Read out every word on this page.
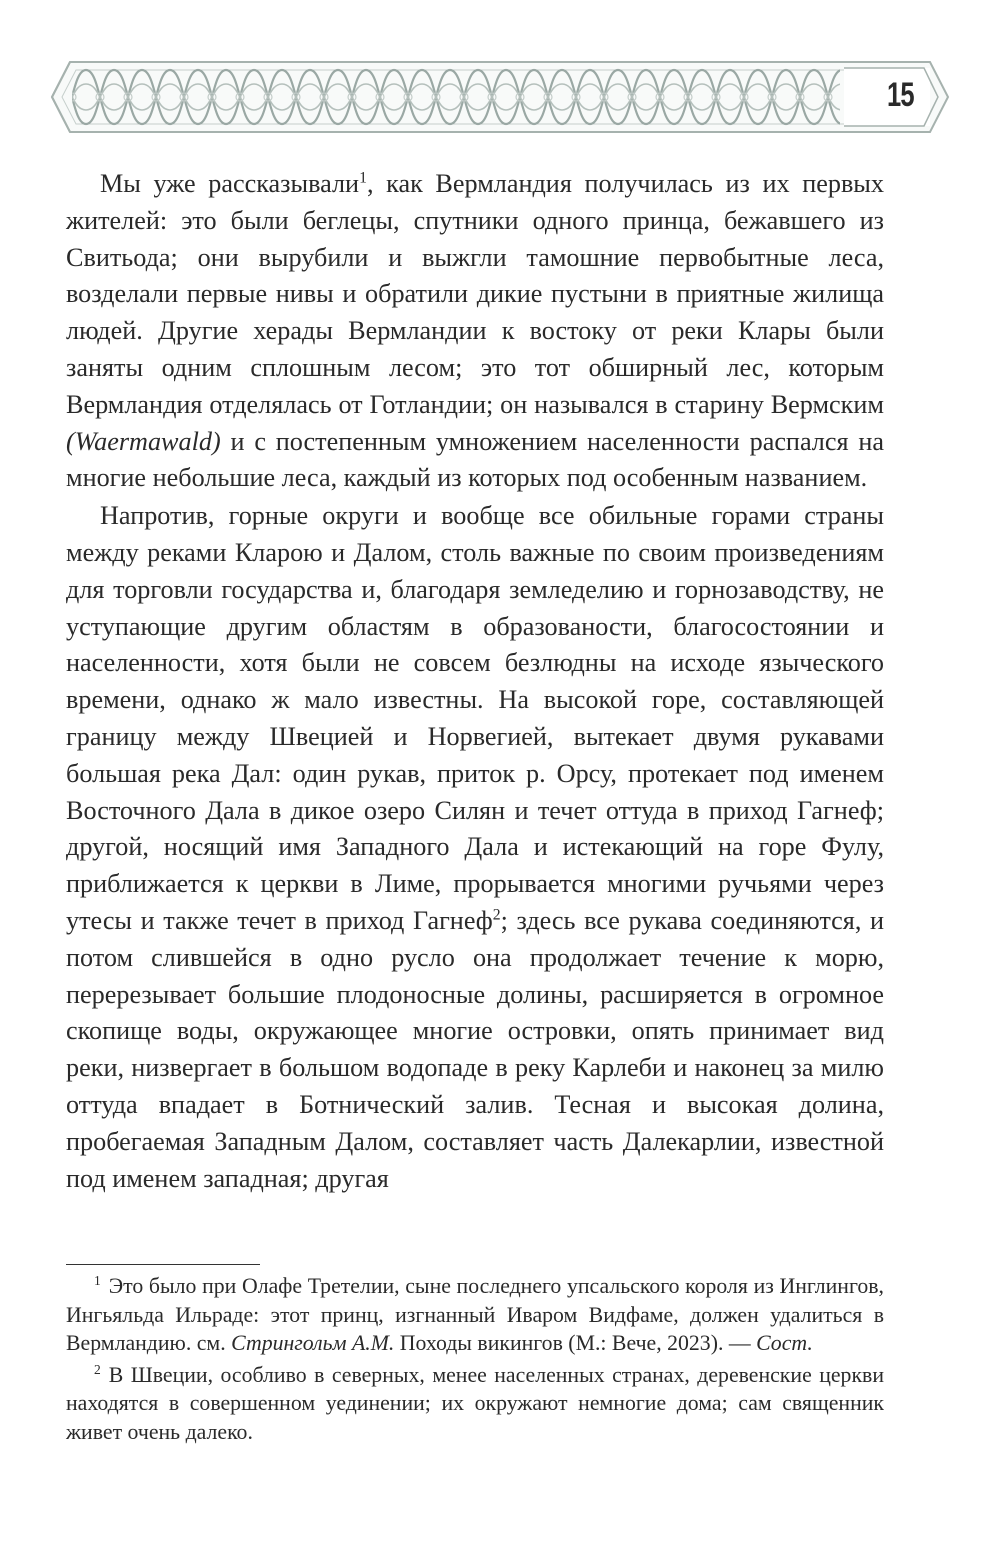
15

Мы уже рассказывали$^1$, как Вермландия получилась из их первых жителей: это были беглецы, спутники одного принца, бежавшего из Свитьода; они вырубили и выжгли тамошние первобытные леса, возделали первые нивы и обратили дикие пустыни в приятные жилища людей. Другие херады Вермландии к востоку от реки Клары были заняты одним сплошным лесом; это тот обширный лес, которым Вермландия отделялась от Готландии; он назывался в старину Вермским (Waermawald) и с постепенным умножением населенности распался на многие небольшие леса, каждый из которых под особенным названием.

Напротив, горные округи и вообще все обильные горами страны между реками Кларою и Далом, столь важные по своим произведениям для торговли государства и, благодаря земледелию и горнозаводству, не уступающие другим областям в образованости, благосостоянии и населенности, хотя были не совсем безлюдны на исходе языческого времени, однако ж мало известны. На высокой горе, составляющей границу между Швецией и Норвегией, вытекает двумя рукавами большая река Дал: один рукав, приток р. Орсу, протекает под именем Восточного Дала в дикое озеро Силян и течет оттуда в приход Гагнеф; другой, носящий имя Западного Дала и истекающий на горе Фулу, приближается к церкви в Лиме, прорывается многими ручьями через утесы и также течет в приход Гагнеф$^2$; здесь все рукава соединяются, и потом слившейся в одно русло она продолжает течение к морю, перерезывает большие плодоносные долины, расширяется в огромное скопище воды, окружающее многие островки, опять принимает вид реки, низвергает в большом водопаде в реку Карлеби и наконец за милю оттуда впадает в Ботнический залив. Тесная и высокая долина, пробегаемая Западным Далом, составляет часть Далекарлии, известной под именем западная; другая

$^1$ Это было при Олафе Третелии, сыне последнего упсальского короля из Инглингов, Ингьяльда Ильраде: этот принц, изгнанный Иваром Видфаме, должен удалиться в Вермландию. см. Стрингольм А.М. Походы викингов (М.: Вече, 2023). — Сост.

$^2$ В Швеции, особливо в северных, менее населенных странах, деревенские церкви находятся в совершенном уединении; их окружают немногие дома; сам священник живет очень далеко.
